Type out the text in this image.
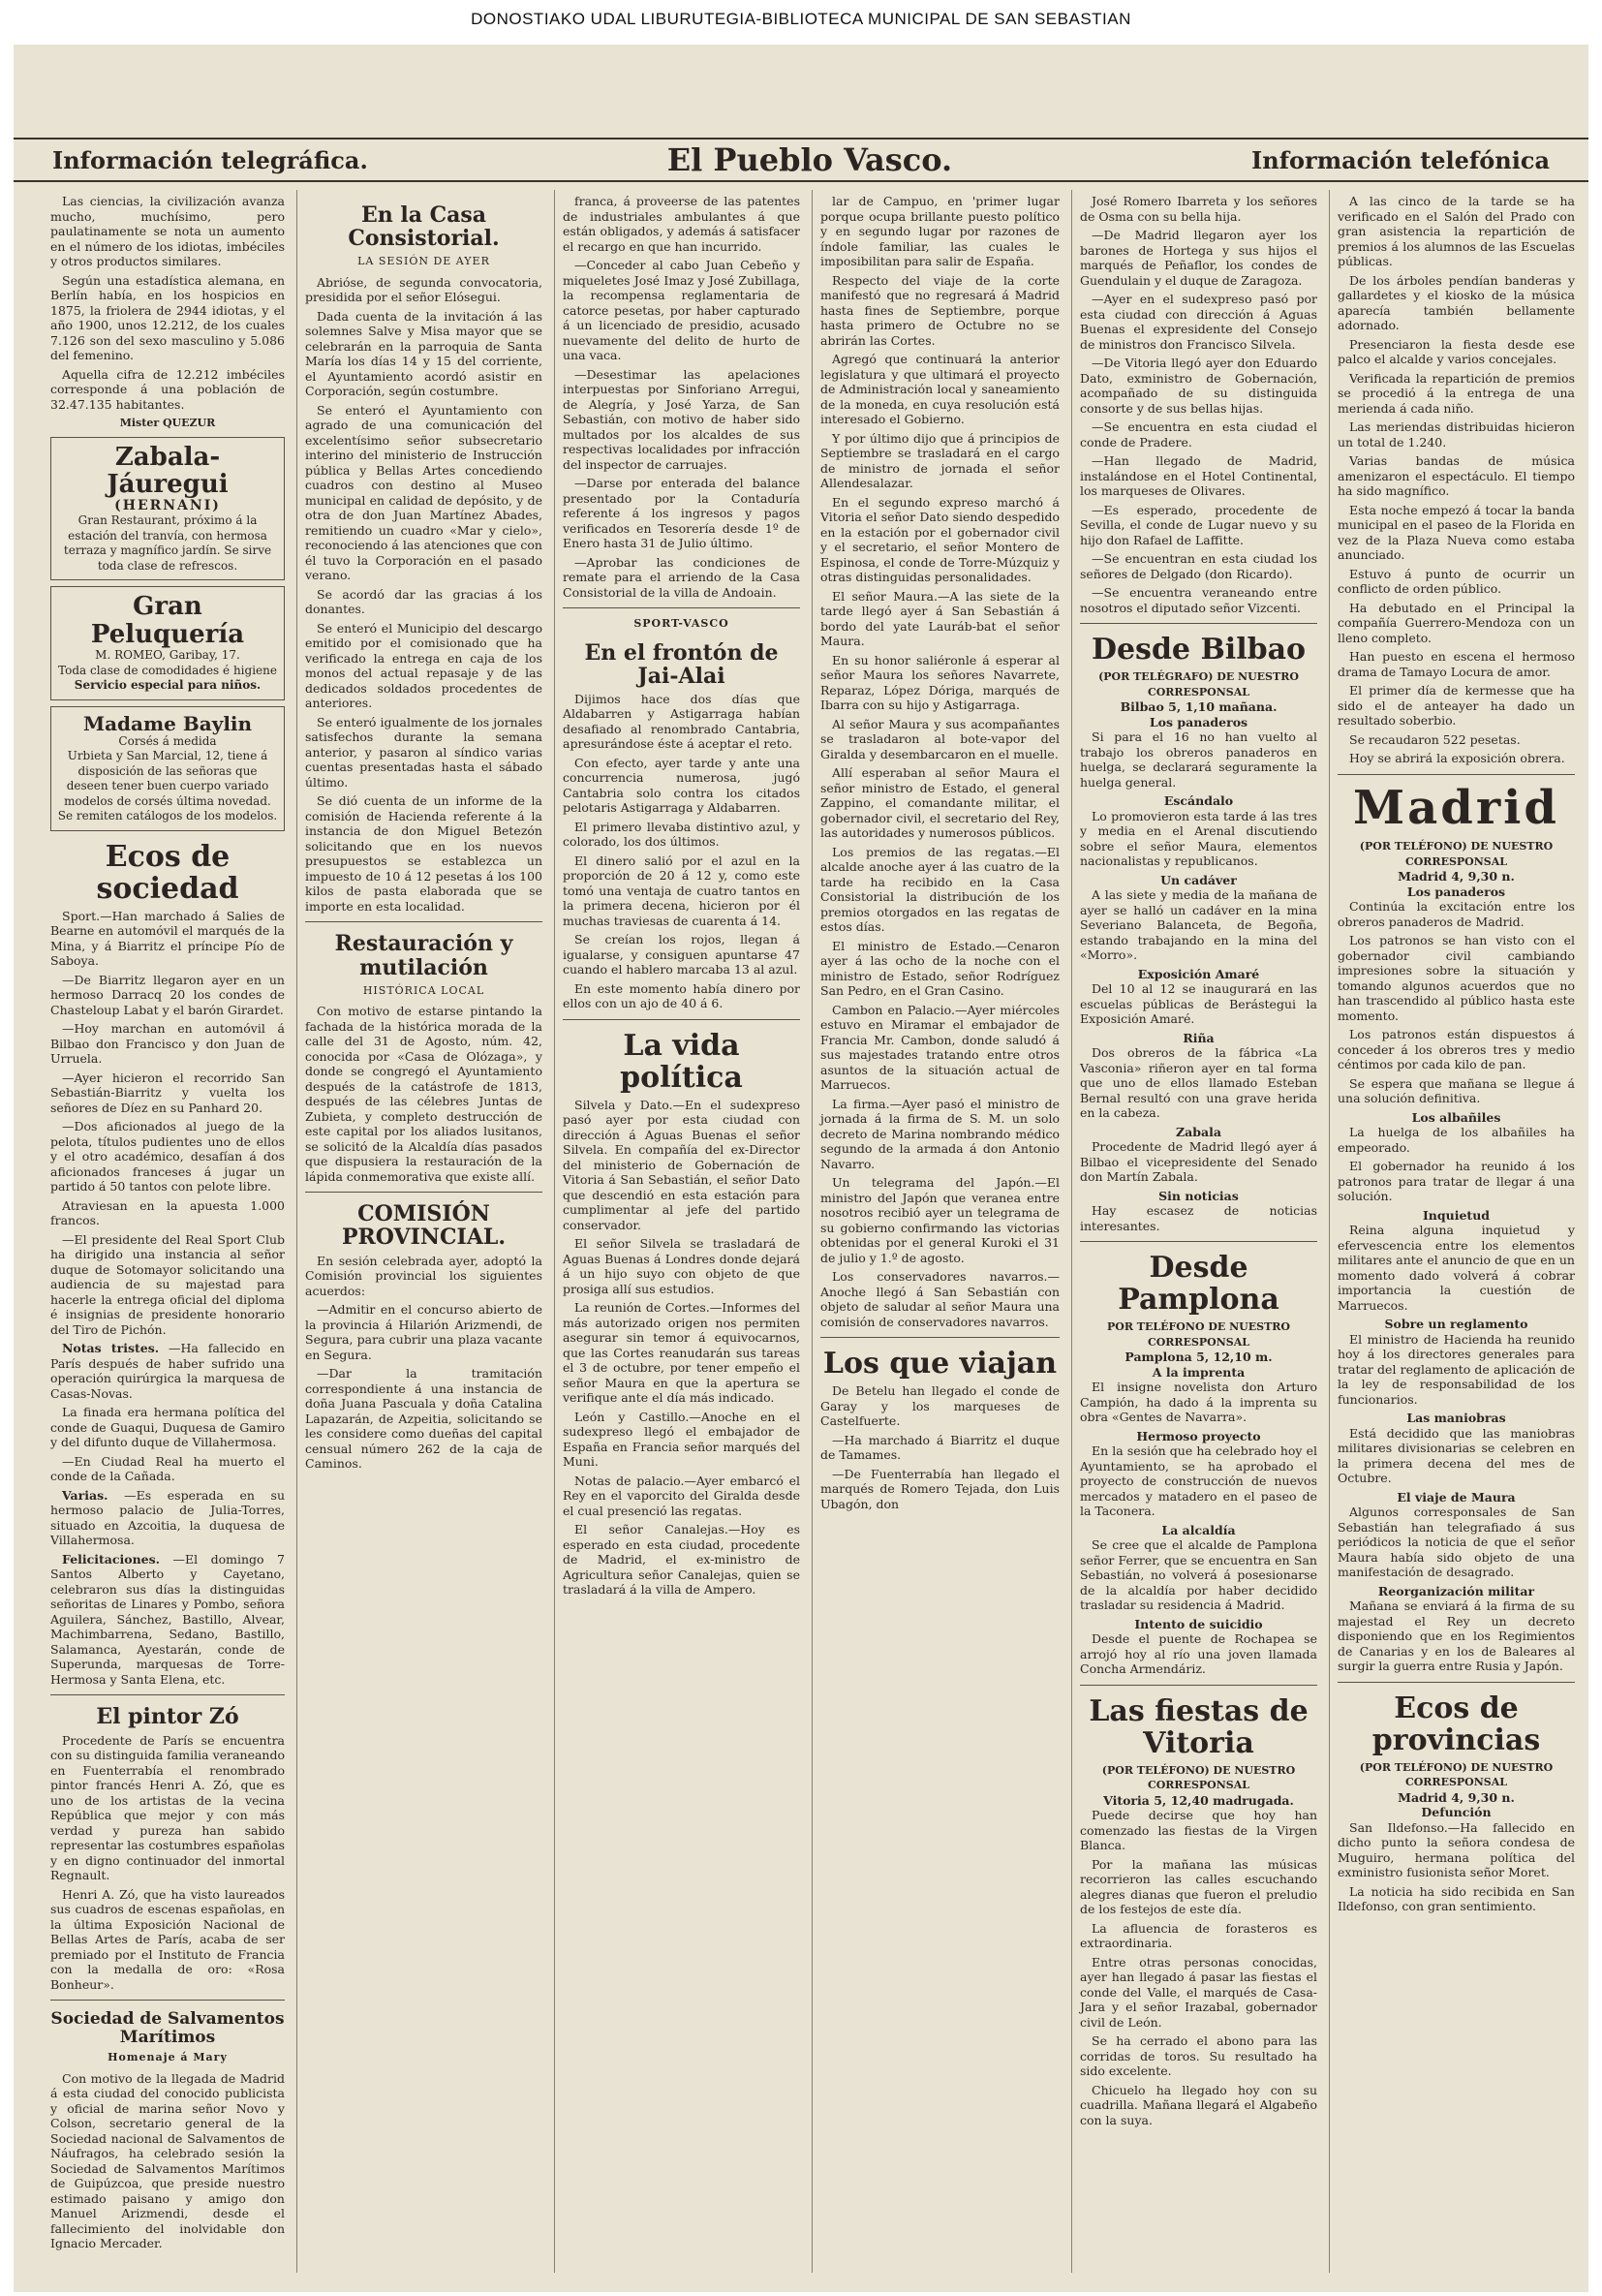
DONOSTIAKO UDAL LIBURUTEGIA-BIBLIOTECA MUNICIPAL DE SAN SEBASTIAN
Información telegráfica.	El Pueblo Vasco.	Información telefónica

Las ciencias, la civilización avanza mucho, muchísimo, pero paulatinamente se nota un aumento en el número de los idiotas, imbéciles y otros productos similares.

Según una estadística alemana, en Berlín había, en los hospicios en 1875, la friolera de 2944 idiotas, y el año 1900, unos 12.212, de los cuales 7.126 son del sexo masculino y 5.086 del femenino.

Aquella cifra de 12.212 imbéciles corresponde á una población de 32.47.135 habitantes.

Mister QUEZUR
Zabala-Jáuregui
(HERNANI)
Gran Restaurant, próximo á la estación del tranvía, con hermosa terraza y magnífico jardín. Se sirve toda clase de refrescos.
Gran Peluquería
M. ROMEO, Garibay, 17.
Toda clase de comodidades é higiene
Servicio especial para niños.
Madame Baylin
Corsés á medida
Urbieta y San Marcial, 12, tiene á disposición de las señoras que deseen tener buen cuerpo variado modelos de corsés última novedad.
Se remiten catálogos de los modelos.
Ecos de sociedad

Sport.—Han marchado á Salies de Bearne en automóvil el marqués de la Mina, y á Biarritz el príncipe Pío de Saboya.

—De Biarritz llegaron ayer en un hermoso Darracq 20 los condes de Chasteloup Labat y el barón Girardet.

—Hoy marchan en automóvil á Bilbao don Francisco y don Juan de Urruela.

—Ayer hicieron el recorrido San Sebastián-Biarritz y vuelta los señores de Díez en su Panhard 20.

—Dos aficionados al juego de la pelota, títulos pudientes uno de ellos y el otro académico, desafían á dos aficionados franceses á jugar un partido á 50 tantos con pelote libre.

Atraviesan en la apuesta 1.000 francos.

—El presidente del Real Sport Club ha dirigido una instancia al señor duque de Sotomayor solicitando una audiencia de su majestad para hacerle la entrega oficial del diploma é insignias de presidente honorario del Tiro de Pichón.

Notas tristes. —Ha fallecido en París después de haber sufrido una operación quirúrgica la marquesa de Casas-Novas.

La finada era hermana política del conde de Guaqui, Duquesa de Gamiro y del difunto duque de Villahermosa.

—En Ciudad Real ha muerto el conde de la Cañada.

Varias. —Es esperada en su hermoso palacio de Julia-Torres, situado en Azcoitia, la duquesa de Villahermosa.

Felicitaciones. —El domingo 7 Santos Alberto y Cayetano, celebraron sus días la distinguidas señoritas de Linares y Pombo, señora Aguilera, Sánchez, Bastillo, Alvear, Machimbarrena, Sedano, Bastillo, Salamanca, Ayestarán, conde de Superunda, marquesas de Torre-Hermosa y Santa Elena, etc.

El pintor Zó

Procedente de París se encuentra con su distinguida familia veraneando en Fuenterrabía el renombrado pintor francés Henri A. Zó, que es uno de los artistas de la vecina República que mejor y con más verdad y pureza han sabido representar las costumbres españolas y en digno continuador del inmortal Regnault.

Henri A. Zó, que ha visto laureados sus cuadros de escenas españolas, en la última Exposición Nacional de Bellas Artes de París, acaba de ser premiado por el Instituto de Francia con la medalla de oro: «Rosa Bonheur».

Sociedad de Salvamentos Marítimos
Homenaje á Mary

Con motivo de la llegada de Madrid á esta ciudad del conocido publicista y oficial de marina señor Novo y Colson, secretario general de la Sociedad nacional de Salvamentos de Náufragos, ha celebrado sesión la Sociedad de Salvamentos Marítimos de Guipúzcoa, que preside nuestro estimado paisano y amigo don Manuel Arizmendi, desde el fallecimiento del inolvidable don Ignacio Mercader.

En la Casa Consistorial.
LA SESIÓN DE AYER

Abrióse, de segunda convocatoria, presidida por el señor Elósegui.

Dada cuenta de la invitación á las solemnes Salve y Misa mayor que se celebrarán en la parroquia de Santa María los días 14 y 15 del corriente, el Ayuntamiento acordó asistir en Corporación, según costumbre.

Se enteró el Ayuntamiento con agrado de una comunicación del excelentísimo señor subsecretario interino del ministerio de Instrucción pública y Bellas Artes concediendo cuadros con destino al Museo municipal en calidad de depósito, y de otra de don Juan Martínez Abades, remitiendo un cuadro «Mar y cielo», reconociendo á las atenciones que con él tuvo la Corporación en el pasado verano.

Se acordó dar las gracias á los donantes.

Se enteró el Municipio del descargo emitido por el comisionado que ha verificado la entrega en caja de los monos del actual repasaje y de las dedicados soldados procedentes de anteriores.

Se enteró igualmente de los jornales satisfechos durante la semana anterior, y pasaron al síndico varias cuentas presentadas hasta el sábado último.

Se dió cuenta de un informe de la comisión de Hacienda referente á la instancia de don Miguel Betezón solicitando que en los nuevos presupuestos se establezca un impuesto de 10 á 12 pesetas á los 100 kilos de pasta elaborada que se importe en esta localidad.

Restauración y mutilación
HISTÓRICA LOCAL

Con motivo de estarse pintando la fachada de la histórica morada de la calle del 31 de Agosto, núm. 42, conocida por «Casa de Olózaga», y donde se congregó el Ayuntamiento después de la catástrofe de 1813, después de las célebres Juntas de Zubieta, y completo destrucción de este capital por los aliados lusitanos, se solicitó de la Alcaldía días pasados que dispusiera la restauración de la lápida conmemorativa que existe allí.

COMISIÓN PROVINCIAL.

En sesión celebrada ayer, adoptó la Comisión provincial los siguientes acuerdos:

—Admitir en el concurso abierto de la provincia á Hilarión Arizmendi, de Segura, para cubrir una plaza vacante en Segura.

—Dar la tramitación correspondiente á una instancia de doña Juana Pascuala y doña Catalina Lapazarán, de Azpeitia, solicitando se les considere como dueñas del capital censual número 262 de la caja de Caminos.

franca, á proveerse de las patentes de industriales ambulantes á que están obligados, y además á satisfacer el recargo en que han incurrido.

—Conceder al cabo Juan Cebeño y miqueletes José Imaz y José Zubillaga, la recompensa reglamentaria de catorce pesetas, por haber capturado á un licenciado de presidio, acusado nuevamente del delito de hurto de una vaca.

—Desestimar las apelaciones interpuestas por Sinforiano Arregui, de Alegría, y José Yarza, de San Sebastián, con motivo de haber sido multados por los alcaldes de sus respectivas localidades por infracción del inspector de carruajes.

—Darse por enterada del balance presentado por la Contaduría referente á los ingresos y pagos verificados en Tesorería desde 1º de Enero hasta 31 de Julio último.

—Aprobar las condiciones de remate para el arriendo de la Casa Consistorial de la villa de Andoain.

SPORT-VASCO
En el frontón de Jai-Alai

Dijimos hace dos días que Aldabarren y Astigarraga habían desafiado al renombrado Cantabria, apresurándose éste á aceptar el reto.

Con efecto, ayer tarde y ante una concurrencia numerosa, jugó Cantabria solo contra los citados pelotaris Astigarraga y Aldabarren.

El primero llevaba distintivo azul, y colorado, los dos últimos.

El dinero salió por el azul en la proporción de 20 á 12 y, como este tomó una ventaja de cuatro tantos en la primera decena, hicieron por él muchas traviesas de cuarenta á 14.

Se creían los rojos, llegan á igualarse, y consiguen apuntarse 47 cuando el hablero marcaba 13 al azul.

En este momento había dinero por ellos con un ajo de 40 á 6.

La vida política

Silvela y Dato.—En el sudexpreso pasó ayer por esta ciudad con dirección á Aguas Buenas el señor Silvela. En compañía del ex-Director del ministerio de Gobernación de Vitoria á San Sebastián, el señor Dato que descendió en esta estación para cumplimentar al jefe del partido conservador.

El señor Silvela se trasladará de Aguas Buenas á Londres donde dejará á un hijo suyo con objeto de que prosiga allí sus estudios.

La reunión de Cortes.—Informes del más autorizado origen nos permiten asegurar sin temor á equivocarnos, que las Cortes reanudarán sus tareas el 3 de octubre, por tener empeño el señor Maura en que la apertura se verifique ante el día más indicado.

León y Castillo.—Anoche en el sudexpreso llegó el embajador de España en Francia señor marqués del Muni.

Notas de palacio.—Ayer embarcó el Rey en el vaporcito del Giralda desde el cual presenció las regatas.

El señor Canalejas.—Hoy es esperado en esta ciudad, procedente de Madrid, el ex-ministro de Agricultura señor Canalejas, quien se trasladará á la villa de Ampero.

lar de Campuo, en 'primer lugar porque ocupa brillante puesto político y en segundo lugar por razones de índole familiar, las cuales le imposibilitan para salir de España.

Respecto del viaje de la corte manifestó que no regresará á Madrid hasta fines de Septiembre, porque hasta primero de Octubre no se abrirán las Cortes.

Agregó que continuará la anterior legislatura y que ultimará el proyecto de Administración local y saneamiento de la moneda, en cuya resolución está interesado el Gobierno.

Y por último dijo que á principios de Septiembre se trasladará en el cargo de ministro de jornada el señor Allendesalazar.

En el segundo expreso marchó á Vitoria el señor Dato siendo despedido en la estación por el gobernador civil y el secretario, el señor Montero de Espinosa, el conde de Torre-Múzquiz y otras distinguidas personalidades.

El señor Maura.—A las siete de la tarde llegó ayer á San Sebastián á bordo del yate Lauráb-bat el señor Maura.

En su honor saliéronle á esperar al señor Maura los señores Navarrete, Reparaz, López Dóriga, marqués de Ibarra con su hijo y Astigarraga.

Al señor Maura y sus acompañantes se trasladaron al bote-vapor del Giralda y desembarcaron en el muelle.

Allí esperaban al señor Maura el señor ministro de Estado, el general Zappino, el comandante militar, el gobernador civil, el secretario del Rey, las autoridades y numerosos públicos.

Los premios de las regatas.—El alcalde anoche ayer á las cuatro de la tarde ha recibido en la Casa Consistorial la distribución de los premios otorgados en las regatas de estos días.

El ministro de Estado.—Cenaron ayer á las ocho de la noche con el ministro de Estado, señor Rodríguez San Pedro, en el Gran Casino.

Cambon en Palacio.—Ayer miércoles estuvo en Miramar el embajador de Francia Mr. Cambon, donde saludó á sus majestades tratando entre otros asuntos de la situación actual de Marruecos.

La firma.—Ayer pasó el ministro de jornada á la firma de S. M. un solo decreto de Marina nombrando médico segundo de la armada á don Antonio Navarro.

Un telegrama del Japón.—El ministro del Japón que veranea entre nosotros recibió ayer un telegrama de su gobierno confirmando las victorias obtenidas por el general Kuroki el 31 de julio y 1.º de agosto.

Los conservadores navarros.—Anoche llegó á San Sebastián con objeto de saludar al señor Maura una comisión de conservadores navarros.

Los que viajan

De Betelu han llegado el conde de Garay y los marqueses de Castelfuerte.

—Ha marchado á Biarritz el duque de Tamames.

—De Fuenterrabía han llegado el marqués de Romero Tejada, don Luis Ubagón, don

José Romero Ibarreta y los señores de Osma con su bella hija.

—De Madrid llegaron ayer los barones de Hortega y sus hijos el marqués de Peñaflor, los condes de Guendulain y el duque de Zaragoza.

—Ayer en el sudexpreso pasó por esta ciudad con dirección á Aguas Buenas el expresidente del Consejo de ministros don Francisco Silvela.

—De Vitoria llegó ayer don Eduardo Dato, exministro de Gobernación, acompañado de su distinguida consorte y de sus bellas hijas.

—Se encuentra en esta ciudad el conde de Pradere.

—Han llegado de Madrid, instalándose en el Hotel Continental, los marqueses de Olivares.

—Es esperado, procedente de Sevilla, el conde de Lugar nuevo y su hijo don Rafael de Laffitte.

—Se encuentran en esta ciudad los señores de Delgado (don Ricardo).

—Se encuentra veraneando entre nosotros el diputado señor Vizcenti.

Desde Bilbao
(POR TELÉGRAFO) DE NUESTRO CORRESPONSAL
Bilbao 5, 1,10 mañana.
Los panaderos

Si para el 16 no han vuelto al trabajo los obreros panaderos en huelga, se declarará seguramente la huelga general.

Escándalo

Lo promovieron esta tarde á las tres y media en el Arenal discutiendo sobre el señor Maura, elementos nacionalistas y republicanos.

Un cadáver

A las siete y media de la mañana de ayer se halló un cadáver en la mina Severiano Balanceta, de Begoña, estando trabajando en la mina del «Morro».

Exposición Amaré

Del 10 al 12 se inaugurará en las escuelas públicas de Berástegui la Exposición Amaré.

Riña

Dos obreros de la fábrica «La Vasconia» riñeron ayer en tal forma que uno de ellos llamado Esteban Bernal resultó con una grave herida en la cabeza.

Zabala

Procedente de Madrid llegó ayer á Bilbao el vicepresidente del Senado don Martín Zabala.

Sin noticias

Hay escasez de noticias interesantes.

Desde Pamplona
POR TELÉFONO DE NUESTRO CORRESPONSAL
Pamplona 5, 12,10 m.
A la imprenta

El insigne novelista don Arturo Campión, ha dado á la imprenta su obra «Gentes de Navarra».

Hermoso proyecto

En la sesión que ha celebrado hoy el Ayuntamiento, se ha aprobado el proyecto de construcción de nuevos mercados y matadero en el paseo de la Taconera.

La alcaldía

Se cree que el alcalde de Pamplona señor Ferrer, que se encuentra en San Sebastián, no volverá á posesionarse de la alcaldía por haber decidido trasladar su residencia á Madrid.

Intento de suicidio

Desde el puente de Rochapea se arrojó hoy al río una joven llamada Concha Armendáriz.

Las fiestas de Vitoria
(POR TELÉFONO) DE NUESTRO CORRESPONSAL
Vitoria 5, 12,40 madrugada.

Puede decirse que hoy han comenzado las fiestas de la Virgen Blanca.

Por la mañana las músicas recorrieron las calles escuchando alegres dianas que fueron el preludio de los festejos de este día.

La afluencia de forasteros es extraordinaria.

Entre otras personas conocidas, ayer han llegado á pasar las fiestas el conde del Valle, el marqués de Casa-Jara y el señor Irazabal, gobernador civil de León.

Se ha cerrado el abono para las corridas de toros. Su resultado ha sido excelente.

Chicuelo ha llegado hoy con su cuadrilla. Mañana llegará el Algabeño con la suya.

A las cinco de la tarde se ha verificado en el Salón del Prado con gran asistencia la repartición de premios á los alumnos de las Escuelas públicas.

De los árboles pendían banderas y gallardetes y el kiosko de la música aparecía también bellamente adornado.

Presenciaron la fiesta desde ese palco el alcalde y varios concejales.

Verificada la repartición de premios se procedió á la entrega de una merienda á cada niño.

Las meriendas distribuidas hicieron un total de 1.240.

Varias bandas de música amenizaron el espectáculo. El tiempo ha sido magnífico.

Esta noche empezó á tocar la banda municipal en el paseo de la Florida en vez de la Plaza Nueva como estaba anunciado.

Estuvo á punto de ocurrir un conflicto de orden público.

Ha debutado en el Principal la compañía Guerrero-Mendoza con un lleno completo.

Han puesto en escena el hermoso drama de Tamayo Locura de amor.

El primer día de kermesse que ha sido el de anteayer ha dado un resultado soberbio.

Se recaudaron 522 pesetas.

Hoy se abrirá la exposición obrera.

Madrid
(POR TELÉFONO) DE NUESTRO CORRESPONSAL
Madrid 4, 9,30 n.
Los panaderos

Continúa la excitación entre los obreros panaderos de Madrid.

Los patronos se han visto con el gobernador civil cambiando impresiones sobre la situación y tomando algunos acuerdos que no han trascendido al público hasta este momento.

Los patronos están dispuestos á conceder á los obreros tres y medio céntimos por cada kilo de pan.

Se espera que mañana se llegue á una solución definitiva.

Los albañiles

La huelga de los albañiles ha empeorado.

El gobernador ha reunido á los patronos para tratar de llegar á una solución.

Inquietud

Reina alguna inquietud y efervescencia entre los elementos militares ante el anuncio de que en un momento dado volverá á cobrar importancia la cuestión de Marruecos.

Sobre un reglamento

El ministro de Hacienda ha reunido hoy á los directores generales para tratar del reglamento de aplicación de la ley de responsabilidad de los funcionarios.

Las maniobras

Está decidido que las maniobras militares divisionarias se celebren en la primera decena del mes de Octubre.

El viaje de Maura

Algunos corresponsales de San Sebastián han telegrafiado á sus periódicos la noticia de que el señor Maura había sido objeto de una manifestación de desagrado.

Reorganización militar

Mañana se enviará á la firma de su majestad el Rey un decreto disponiendo que en los Regimientos de Canarias y en los de Baleares al surgir la guerra entre Rusia y Japón.

Ecos de provincias
(POR TELÉFONO) DE NUESTRO CORRESPONSAL
Madrid 4, 9,30 n.
Defunción

San Ildefonso.—Ha fallecido en dicho punto la señora condesa de Muguiro, hermana política del exministro fusionista señor Moret.

La noticia ha sido recibida en San Ildefonso, con gran sentimiento.
